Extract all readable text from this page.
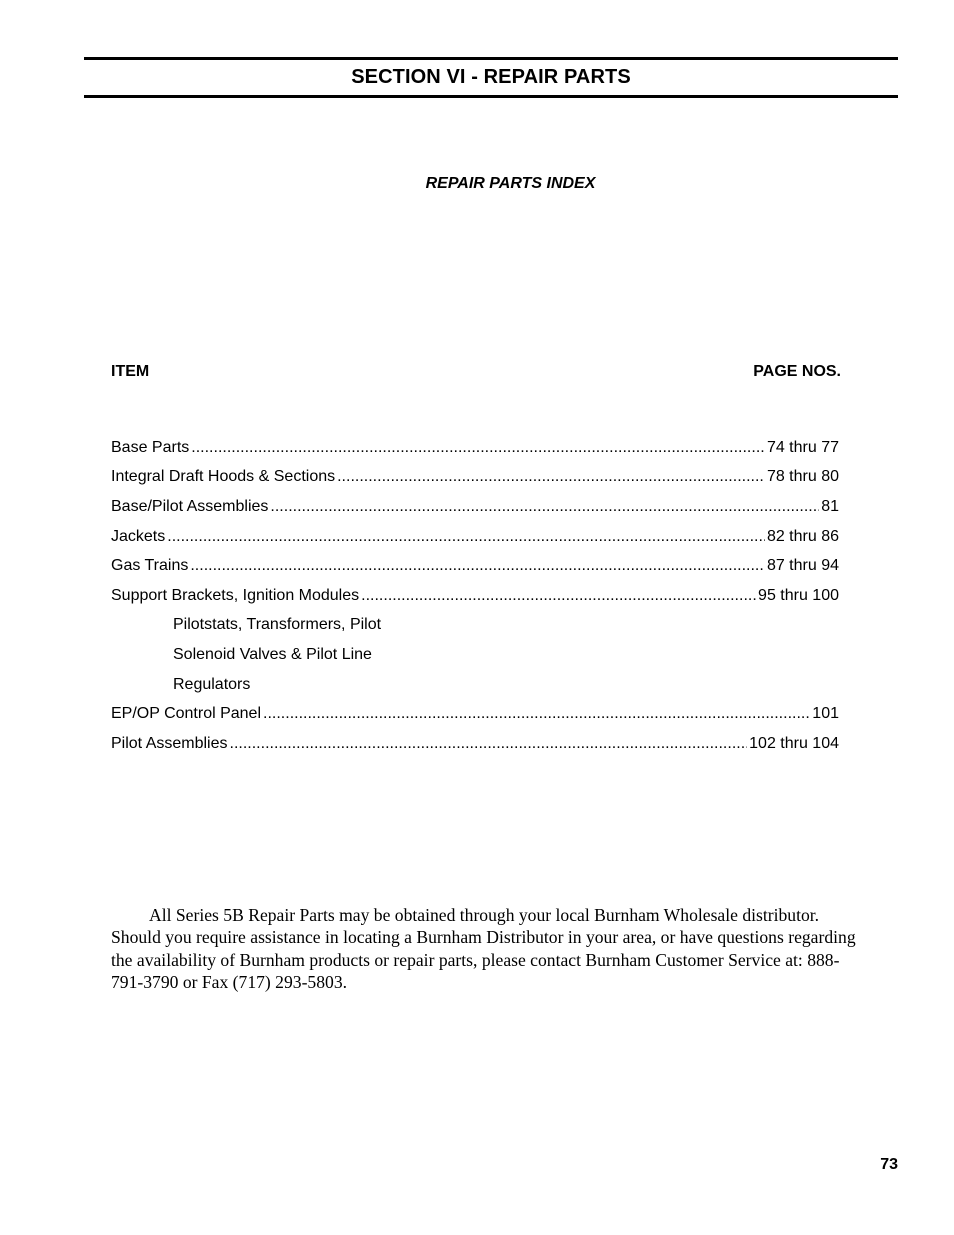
SECTION VI - REPAIR PARTS
REPAIR PARTS INDEX
ITEM	PAGE NOS.
Base Parts .....	74 thru 77
Integral Draft Hoods & Sections .....	78 thru 80
Base/Pilot Assemblies .....	81
Jackets .....	82 thru 86
Gas Trains .....	87 thru 94
Support Brackets, Ignition Modules .....	95 thru 100
Pilotstats, Transformers, Pilot
Solenoid Valves & Pilot Line
Regulators
EP/OP Control Panel .....	101
Pilot Assemblies .....	102 thru 104

All Series 5B Repair Parts may be obtained through your local Burnham Wholesale distributor. Should you require assistance in locating a Burnham Distributor in your area, or have questions regarding the availability of Burnham products or repair parts, please contact Burnham Customer Service at: 888-791-3790 or Fax (717) 293-5803.

73
